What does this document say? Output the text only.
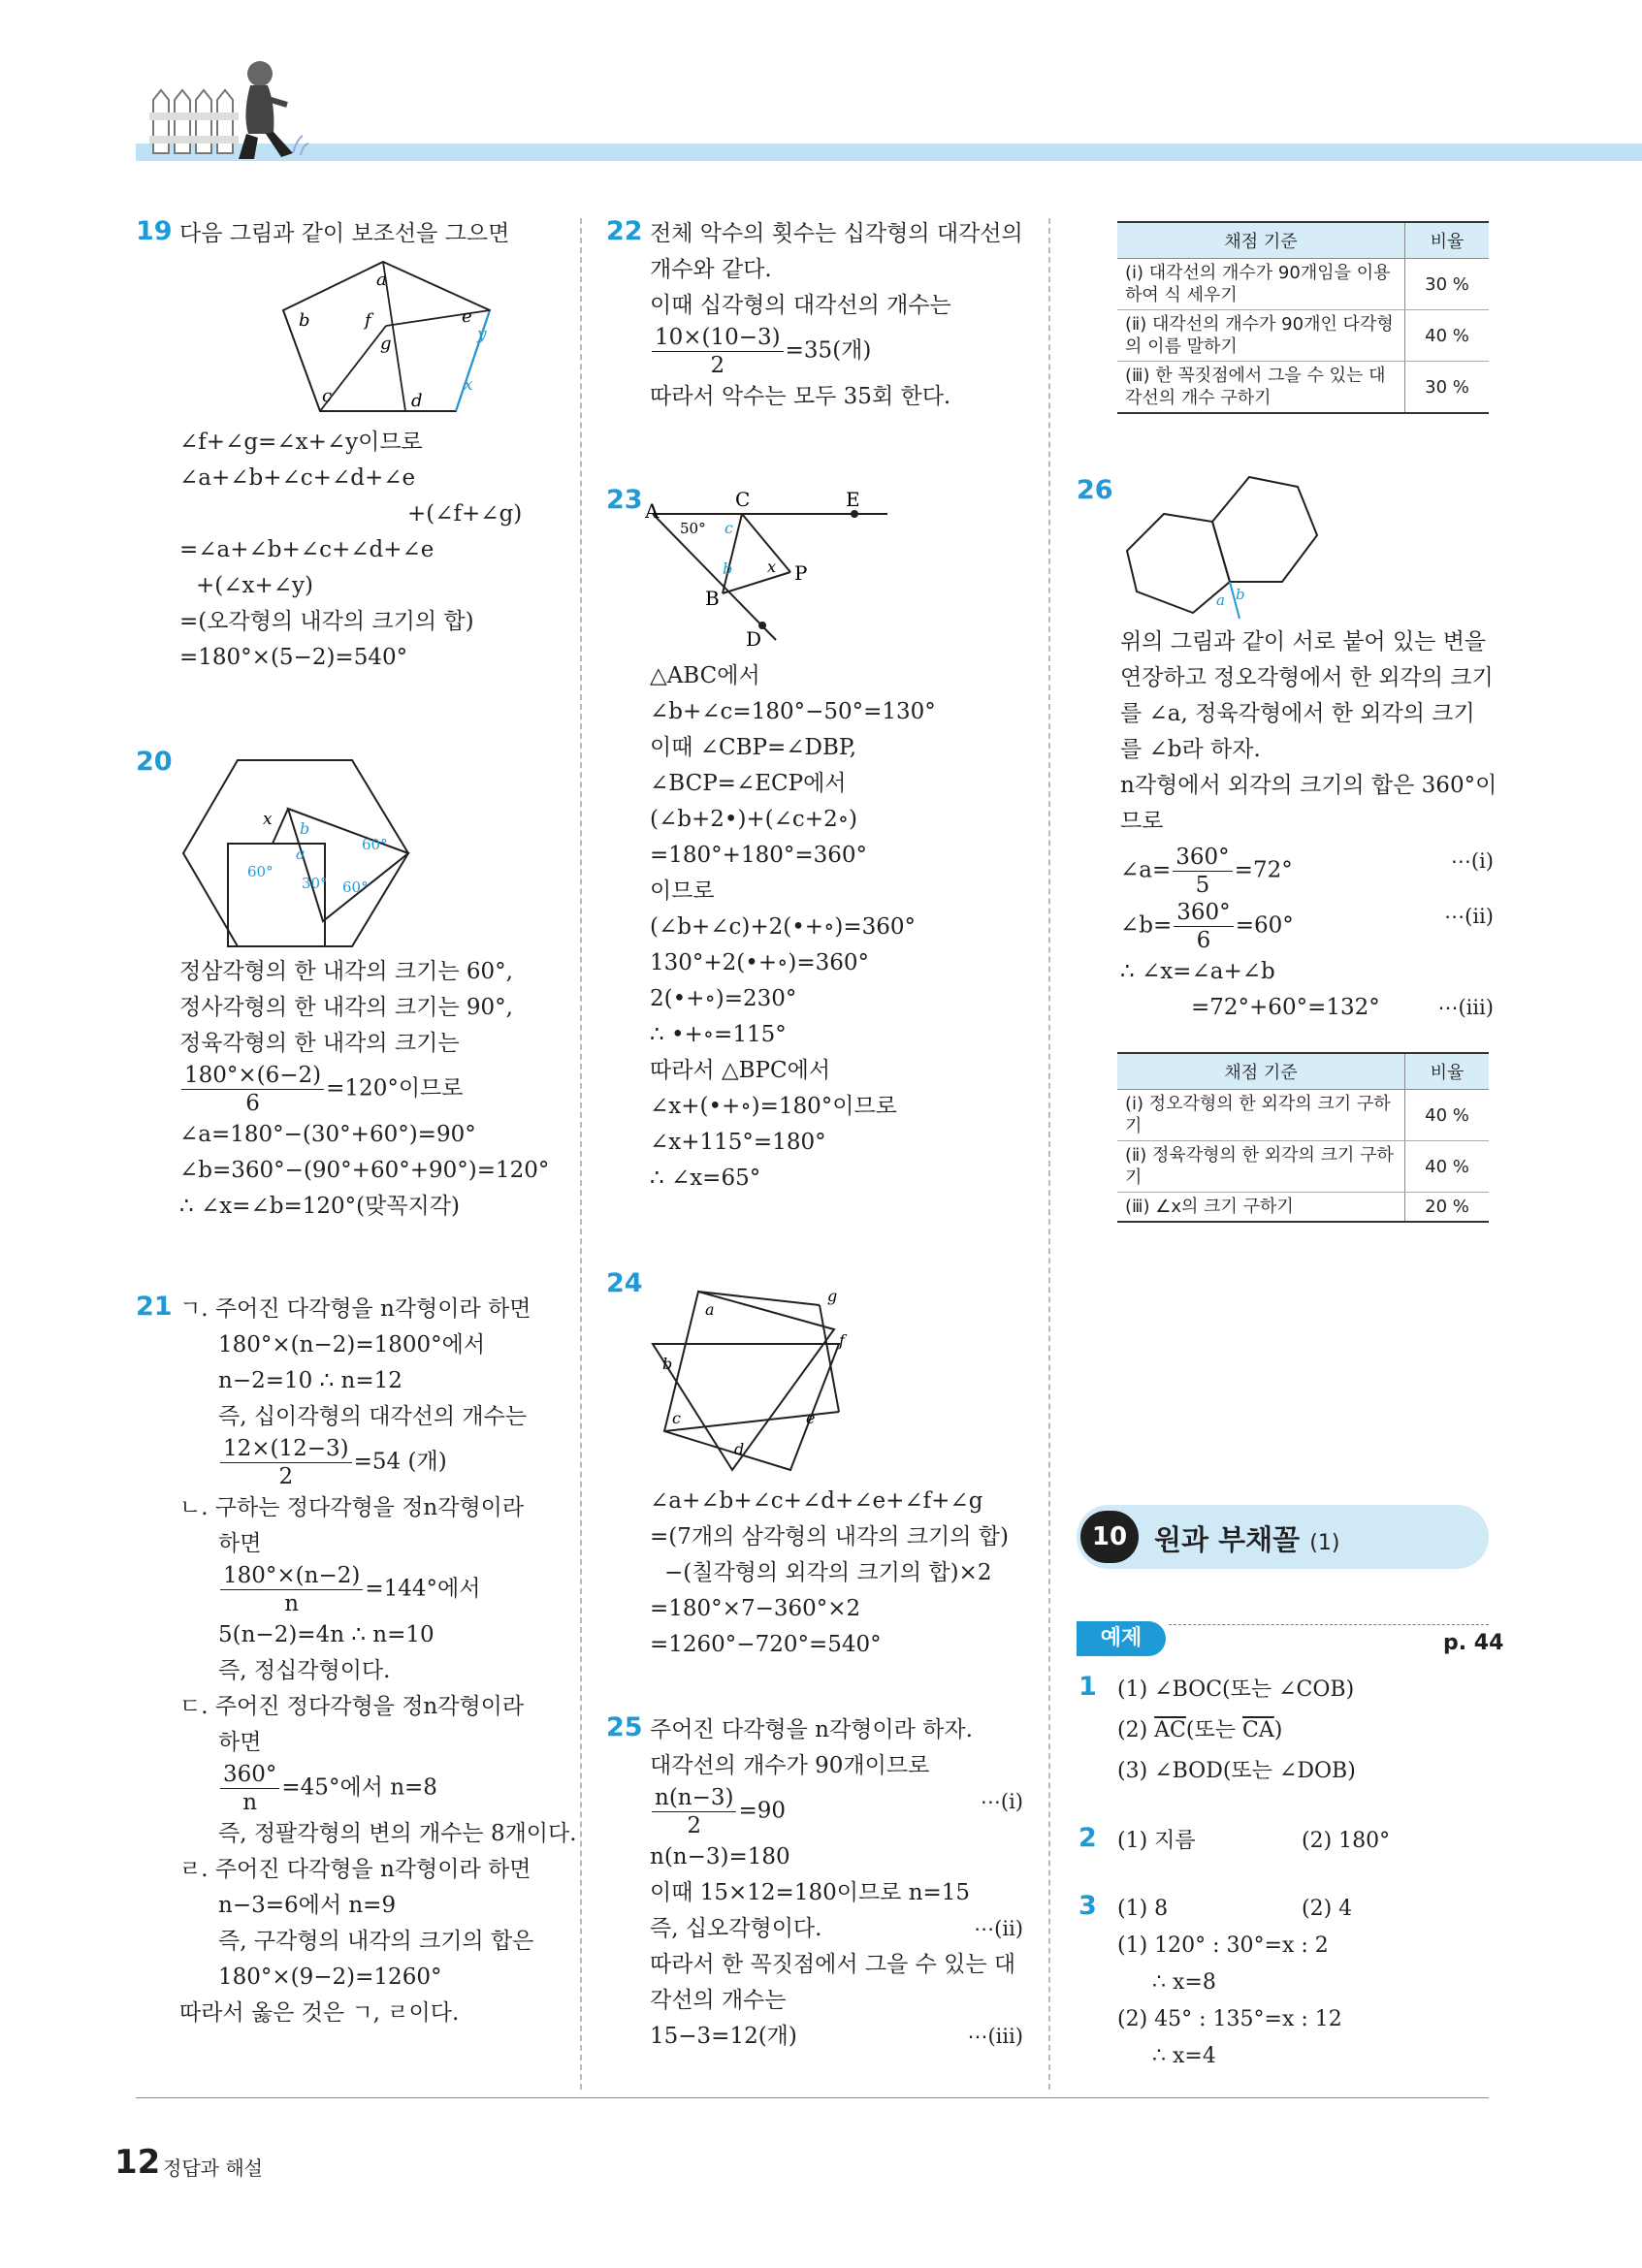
19 다음 그림과 같이 보조선을 그으면
a
b
c	d
e
f
g
x
y
∠f+∠g=∠x+∠y이므로
∠a+∠b+∠c+∠d+∠e
+(∠f+∠g)
=∠a+∠b+∠c+∠d+∠e
+(∠x+∠y)
=(오각형의 내각의 크기의 합)
=180°×(5−2)=540°
20
x b
a	60°
60°
30° 60°
정삼각형의 한 내각의 크기는 60°,
정사각형의 한 내각의 크기는 90°,
정육각형의 한 내각의 크기는
$\frac{180^\circ\times(6-2)}{6} =120^\circ$이므로
∠a=180°−(30°+60°)=90°
∠b=360°−(90°+60°+90°)=120°
∴ ∠x=∠b=120°(맞꼭지각)
21 ㄱ. 주어진 다각형을 n각형이라 하면
180°×(n−2)=1800°에서
n−2=10 ∴ n=12
즉, 십이각형의 대각선의 개수는
$\frac{12\times(12-3)}{2} =54$ (개)
ㄴ. 구하는 정다각형을 정n각형이라
하면
$\frac{180^\circ\times(n-2)}{n} =144^\circ$에서
5(n−2)=4n ∴ n=10
즉, 정십각형이다.
ㄷ. 주어진 정다각형을 정n각형이라
하면
$\frac{360^\circ}{n} =45^\circ$에서 n=8
즉, 정팔각형의 변의 개수는 8개이다.
ㄹ. 주어진 다각형을 n각형이라 하면
n−3=6에서 n=9
즉, 구각형의 내각의 크기의 합은
180°×(9−2)=1260°
따라서 옳은 것은 ㄱ, ㄹ이다.
22 전체 악수의 횟수는 십각형의 대각선의
개수와 같다.
이때 십각형의 대각선의 개수는
$\frac{10\times(10-3)}{2} =35$(개)
따라서 악수는 모두 35회 한다.
23 A	C	E
50° c
b x P
B
D
△ABC에서
∠b+∠c=180°−50°=130°
이때 ∠CBP=∠DBP,
∠BCP=∠ECP에서
(∠b+2•)+(∠c+2∘)
=180°+180°=360°
이므로
(∠b+∠c)+2(•+∘)=360°
130°+2(•+∘)=360°
2(•+∘)=230°
∴ •+∘=115°
따라서 △BPC에서
∠x+(•+∘)=180°이므로
∠x+115°=180°
∴ ∠x=65°
24
a
b
c
d
e
f
g
∠a+∠b+∠c+∠d+∠e+∠f+∠g
=(7개의 삼각형의 내각의 크기의 합)
−(칠각형의 외각의 크기의 합)×2
=180°×7−360°×2
=1260°−720°=540°
25 주어진 다각형을 n각형이라 하자.
대각선의 개수가 90개이므로
$\frac{n(n-3)}{2} =90$	⋯(ⅰ)
n(n−3)=180
이때 15×12=180이므로 n=15
즉, 십오각형이다.	⋯(ⅱ)
따라서 한 꼭짓점에서 그을 수 있는 대
각선의 개수는
15−3=12(개)	⋯(ⅲ)
채점 기준	비율
(ⅰ) 대각선의 개수가 90개임을 이용하여 식 세우기	30 %
(ⅱ) 대각선의 개수가 90개인 다각형의 이름 말하기	40 %
(ⅲ) 한 꼭짓점에서 그을 수 있는 대각선의 개수 구하기	30 %
26
a b
위의 그림과 같이 서로 붙어 있는 변을
연장하고 정오각형에서 한 외각의 크기
를 ∠a, 정육각형에서 한 외각의 크기
를 ∠b라 하자.
n각형에서 외각의 크기의 합은 360°이
므로
∠a= $\frac{360^\circ}{5} =72^\circ$	⋯(ⅰ)
∠b= $\frac{360^\circ}{6} =60^\circ$	⋯(ⅱ)
∴ ∠x=∠a+∠b
=72°+60°=132°	⋯(ⅲ)
채점 기준	비율
(ⅰ) 정오각형의 한 외각의 크기 구하기	40 %
(ⅱ) 정육각형의 한 외각의 크기 구하기	40 %
(ⅲ) ∠x의 크기 구하기	20 %
10 원과 부채꼴 (1)
예제	p. 44
1 (1) ∠BOC(또는 ∠COB)
(2) $\overline{AC}$(또는 $\overline{CA}$)
(3) ∠BOD(또는 ∠DOB)
2 (1) 지름	(2) 180°
3 (1) 8	(2) 4
(1) 120° : 30°=x : 2
∴ x=8
(2) 45° : 135°=x : 12
∴ x=4
12 정답과 해설
